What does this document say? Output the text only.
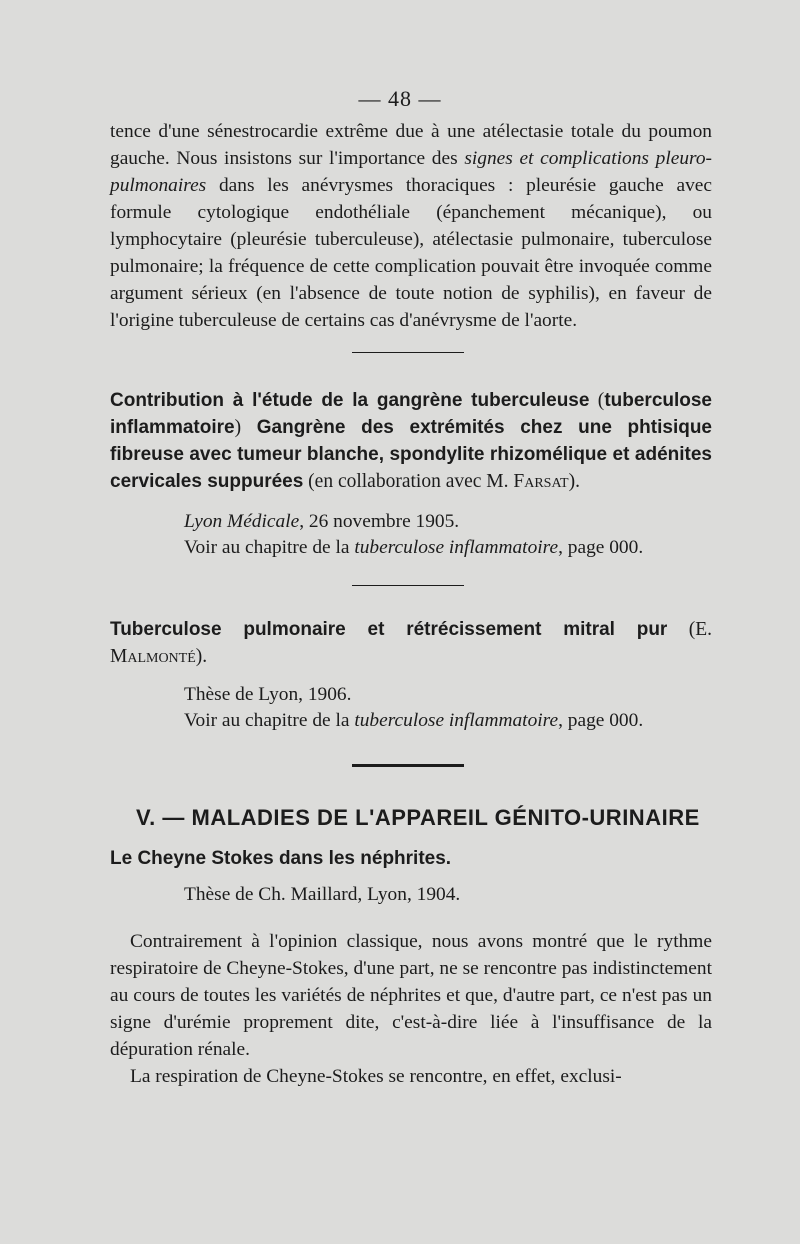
— 48 —

tence d'une sénestrocardie extrême due à une atélectasie totale du poumon gauche. Nous insistons sur l'importance des signes et complications pleuro-pulmonaires dans les anévrysmes thoraciques : pleurésie gauche avec formule cytologique endothéliale (épanchement mécanique), ou lymphocytaire (pleurésie tuberculeuse), atélectasie pulmonaire, tuberculose pulmonaire; la fréquence de cette complication pouvait être invoquée comme argument sérieux (en l'absence de toute notion de syphilis), en faveur de l'origine tuberculeuse de certains cas d'anévrysme de l'aorte.

Contribution à l'étude de la gangrène tuberculeuse (tuberculose inflammatoire) Gangrène des extrémités chez une phtisique fibreuse avec tumeur blanche, spondylite rhizomélique et adénites cervicales suppurées (en collaboration avec M. Farsat).

Lyon Médicale, 26 novembre 1905.

Voir au chapitre de la tuberculose inflammatoire, page 000.

Tuberculose pulmonaire et rétrécissement mitral pur (E. Malmonté).

Thèse de Lyon, 1906.

Voir au chapitre de la tuberculose inflammatoire, page 000.

V. — MALADIES DE L'APPAREIL GÉNITO-URINAIRE

Le Cheyne Stokes dans les néphrites.

Thèse de Ch. Maillard, Lyon, 1904.

Contrairement à l'opinion classique, nous avons montré que le rythme respiratoire de Cheyne-Stokes, d'une part, ne se rencontre pas indistinctement au cours de toutes les variétés de néphrites et que, d'autre part, ce n'est pas un signe d'urémie proprement dite, c'est-à-dire liée à l'insuffisance de la dépuration rénale.

La respiration de Cheyne-Stokes se rencontre, en effet, exclusi-
